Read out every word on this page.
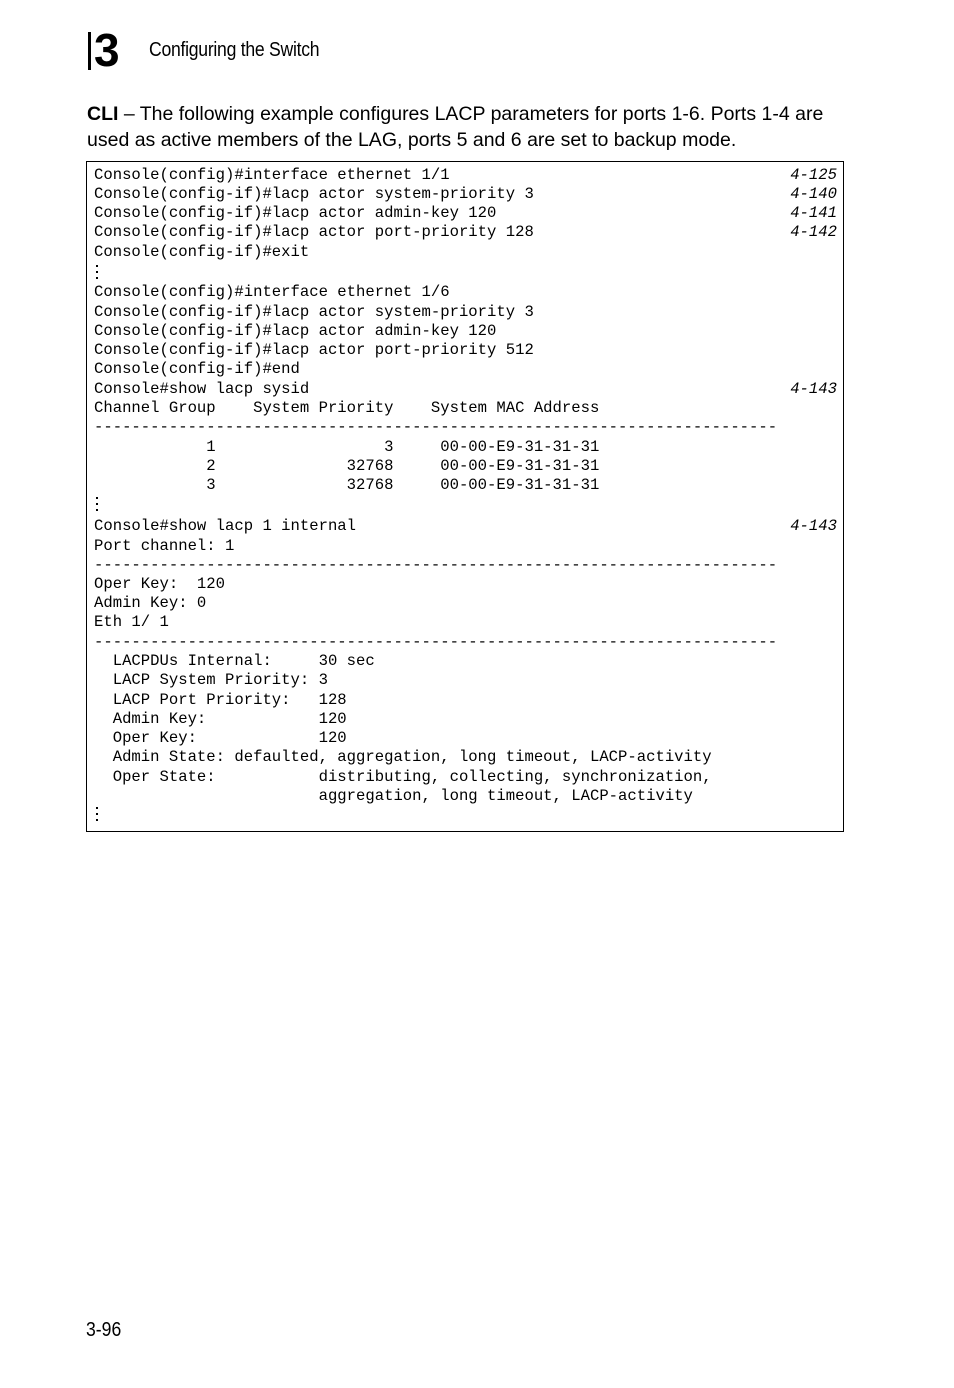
3 Configuring the Switch

CLI – The following example configures LACP parameters for ports 1-6. Ports 1-4 are used as active members of the LAG, ports 5 and 6 are set to backup mode.

Console(config)#interface ethernet 1/1	4-125
Console(config-if)#lacp actor system-priority 3	4-140
Console(config-if)#lacp actor admin-key 120	4-141
Console(config-if)#lacp actor port-priority 128	4-142
Console(config-if)#exit
Console(config)#interface ethernet 1/6
Console(config-if)#lacp actor system-priority 3
Console(config-if)#lacp actor admin-key 120
Console(config-if)#lacp actor port-priority 512
Console(config-if)#end
Console#show lacp sysid	4-143
Channel Group    System Priority    System MAC Address
-------------------------------------------------------------------------
1                  3     00-00-E9-31-31-31
2              32768     00-00-E9-31-31-31
3              32768     00-00-E9-31-31-31
Console#show lacp 1 internal	4-143
Port channel: 1
-------------------------------------------------------------------------
Oper Key:  120
Admin Key: 0
Eth 1/ 1
-------------------------------------------------------------------------
LACPDUs Internal:     30 sec
LACP System Priority: 3
LACP Port Priority:   128
Admin Key:            120
Oper Key:             120
Admin State: defaulted, aggregation, long timeout, LACP-activity
Oper State:           distributing, collecting, synchronization,
aggregation, long timeout, LACP-activity
3-96
